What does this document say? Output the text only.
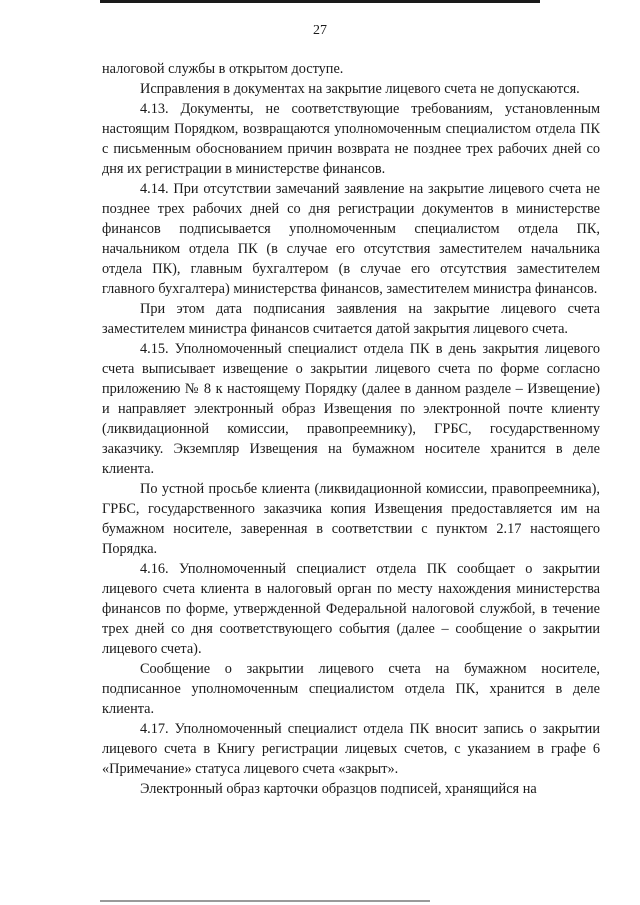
27

налоговой службы в открытом доступе.

Исправления в документах на закрытие лицевого счета не допускаются.

4.13. Документы, не соответствующие требованиям, установленным настоящим Порядком, возвращаются уполномоченным специалистом отдела ПК с письменным обоснованием причин возврата не позднее трех рабочих дней со дня их регистрации в министерстве финансов.

4.14. При отсутствии замечаний заявление на закрытие лицевого счета не позднее трех рабочих дней со дня регистрации документов в министерстве финансов подписывается уполномоченным специалистом отдела ПК, начальником отдела ПК (в случае его отсутствия заместителем начальника отдела ПК), главным бухгалтером (в случае его отсутствия заместителем главного бухгалтера) министерства финансов, заместителем министра финансов.

При этом дата подписания заявления на закрытие лицевого счета заместителем министра финансов считается датой закрытия лицевого счета.

4.15. Уполномоченный специалист отдела ПК в день закрытия лицевого счета выписывает извещение о закрытии лицевого счета по форме согласно приложению № 8 к настоящему Порядку (далее в данном разделе – Извещение) и направляет электронный образ Извещения по электронной почте клиенту (ликвидационной комиссии, правопреемнику), ГРБС, государственному заказчику. Экземпляр Извещения на бумажном носителе хранится в деле клиента.

По устной просьбе клиента (ликвидационной комиссии, правопреемника), ГРБС, государственного заказчика копия Извещения предоставляется им на бумажном носителе, заверенная в соответствии с пунктом 2.17 настоящего Порядка.

4.16. Уполномоченный специалист отдела ПК сообщает о закрытии лицевого счета клиента в налоговый орган по месту нахождения министерства финансов по форме, утвержденной Федеральной налоговой службой, в течение трех дней со дня соответствующего события (далее – сообщение о закрытии лицевого счета).

Сообщение о закрытии лицевого счета на бумажном носителе, подписанное уполномоченным специалистом отдела ПК, хранится в деле клиента.

4.17. Уполномоченный специалист отдела ПК вносит запись о закрытии лицевого счета в Книгу регистрации лицевых счетов, с указанием в графе 6 «Примечание» статуса лицевого счета «закрыт».

Электронный образ карточки образцов подписей, хранящийся на
